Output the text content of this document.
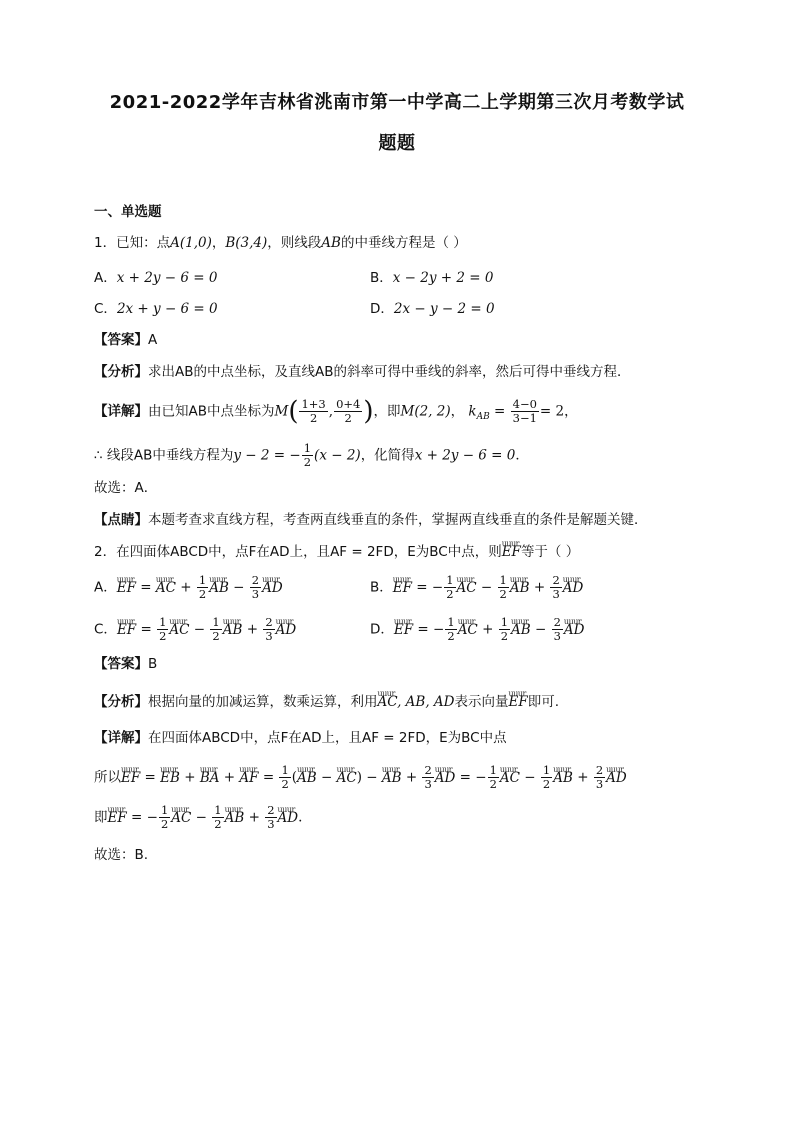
2021-2022学年吉林省洮南市第一中学高二上学期第三次月考数学试
题题
一、单选题
1．已知：点A(1,0)，B(3,4)，则线段AB的中垂线方程是（ ）
A．x + 2y − 6 = 0	B．x − 2y + 2 = 0
C．2x + y − 6 = 0	D．2x − y − 2 = 0
【答案】A
【分析】求出AB的中点坐标，及直线AB的斜率可得中垂线的斜率，然后可得中垂线方程．
【详解】由已知AB中点坐标为$M( \frac{1+3}{2}$ , $\frac{0+4}{2}$ )，即M(2, 2)， $k_{AB} = \frac{4-0}{3-1} = 2$，
∴ 线段AB中垂线方程为y − 2 = − $\frac{1}{2} (x - 2)$，化简得x + 2y − 6 = 0．
故选：A．
【点睛】本题考查求直线方程，考查两直线垂直的条件，掌握两直线垂直的条件是解题关键．
2．在四面体ABCD中，点F在AD上，且AF = 2FD，E为BC中点，则uuur EF等于（ ）
A．uuur EF = uuur AC + $\frac{1}{2}$ uuur AB − $\frac{2}{3}$ uuur AD	B．uuur EF = − $\frac{1}{2}$ uuur AC − $\frac{1}{2}$ uuur AB + $\frac{2}{3}$ uuur AD
C．uuur EF = $\frac{1}{2}$ uuur AC − $\frac{1}{2}$ uuur AB + $\frac{2}{3}$ uuur AD	D．uuur EF = − $\frac{1}{2}$ uuur AC + $\frac{1}{2}$ uuur AB − $\frac{2}{3}$ uuur AD
【答案】B
【分析】根据向量的加减运算，数乘运算，利用uuur AC, AB, AD表示向量uuur EF即可.
【详解】在四面体ABCD中，点F在AD上，且AF = 2FD，E为BC中点
所以uuur EF = uuur EB + uuur BA + uuur AF = $\frac{1}{2}$ (uuur AB − uuur AC) − uuur AB + $\frac{2}{3}$ uuur AD = − $\frac{1}{2}$ uuur AC − $\frac{1}{2}$ uuur AB + $\frac{2}{3}$ uuur AD
即uuur EF = − $\frac{1}{2}$ uuur AC − $\frac{1}{2}$ uuur AB + $\frac{2}{3}$ uuur AD.
故选：B.
